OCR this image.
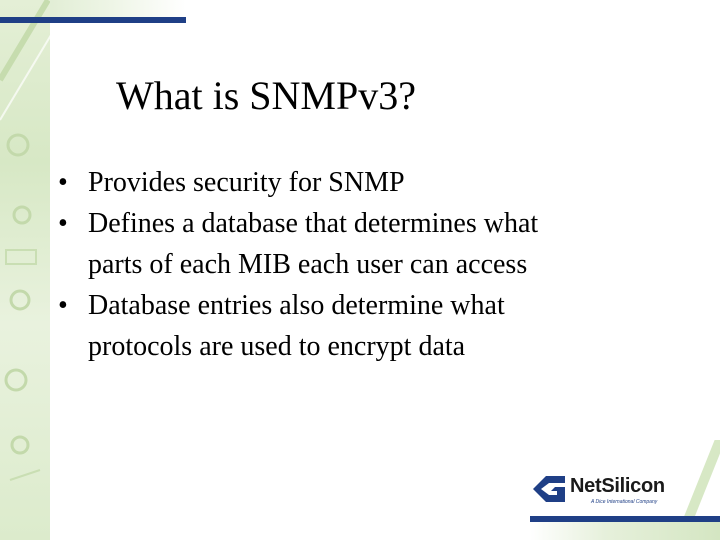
What is SNMPv3?
• Provides security for SNMP
• Defines a database that determines what
parts of each MIB each user can access
• Database entries also determine what
protocols are used to encrypt data
NetSilicon
A Dice International Company
